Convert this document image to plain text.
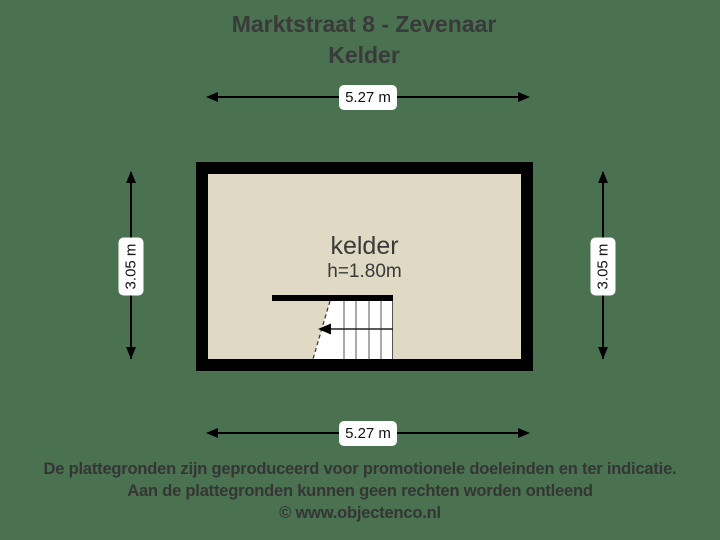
Marktstraat 8 - Zevenaar
Kelder
5.27 m
5.27 m
3.05 m	3.05 m
kelder
h=1.80m
De plattegronden zijn geproduceerd voor promotionele doeleinden en ter indicatie.
Aan de plattegronden kunnen geen rechten worden ontleend
© www.objectenco.nl
